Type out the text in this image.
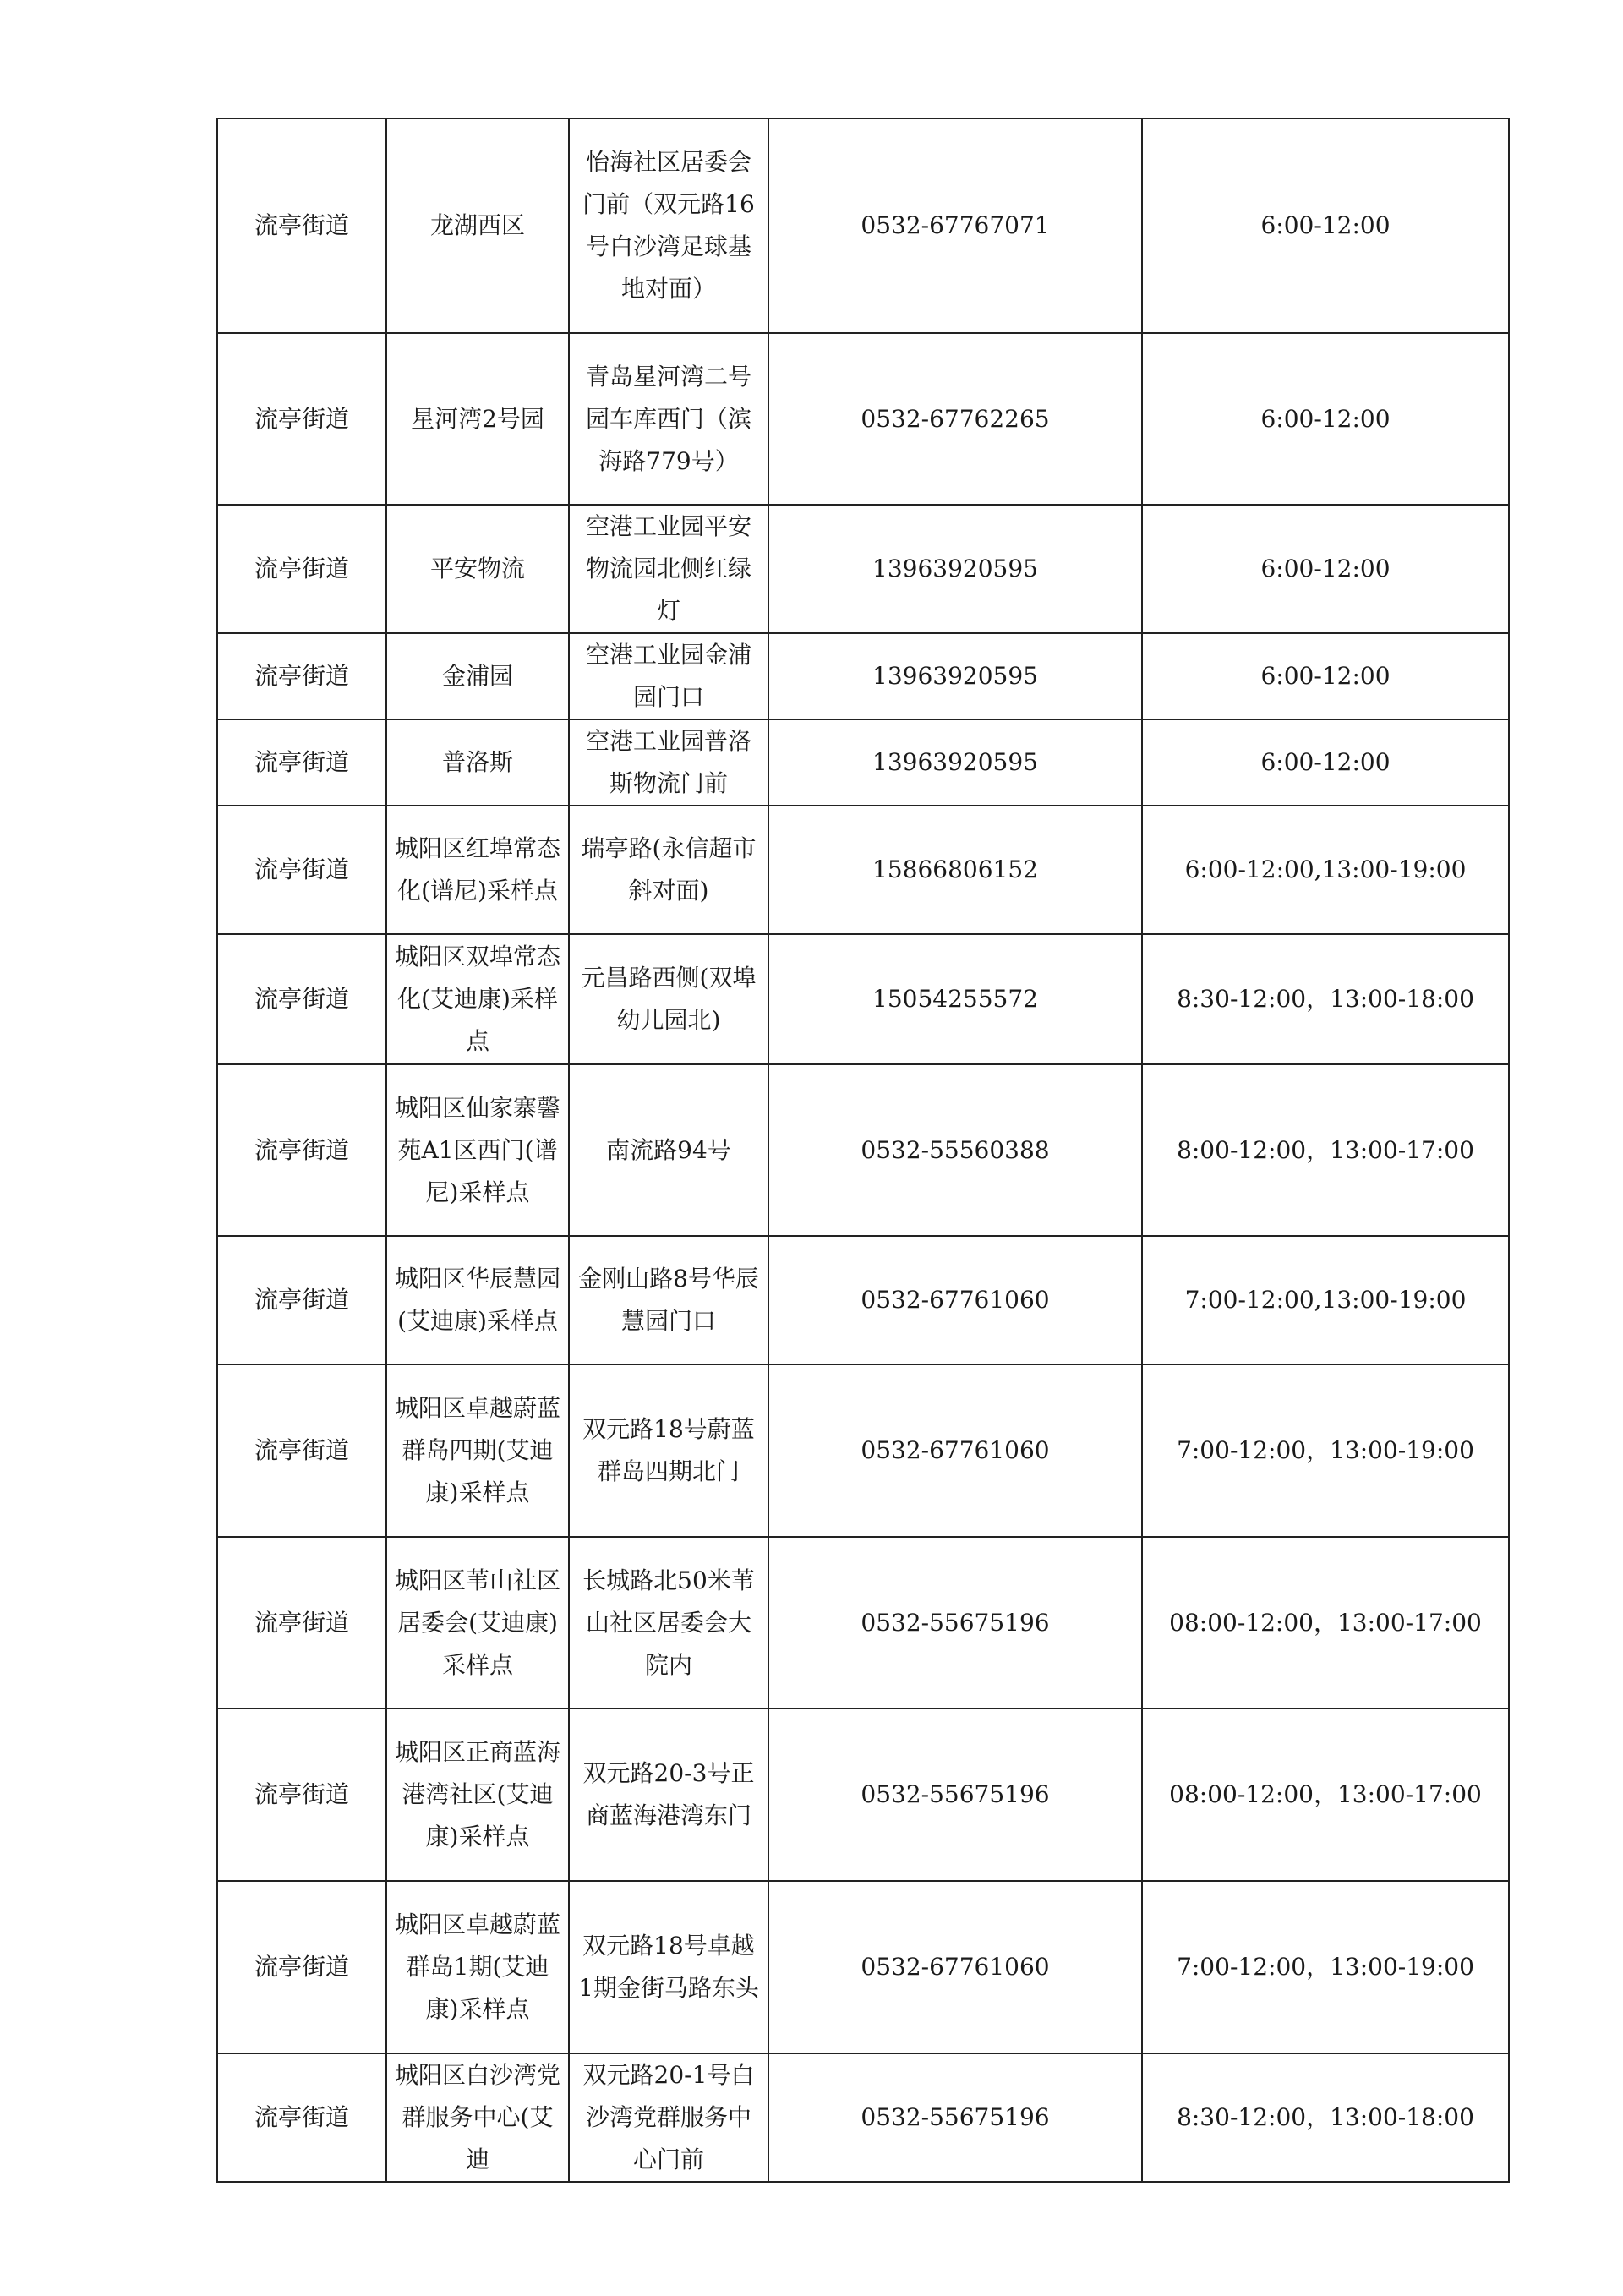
流亭街道	龙湖西区	怡海社区居委会门前（双元路16号白沙湾足球基地对面）	0532-67767071	6:00-12:00
流亭街道	星河湾2号园	青岛星河湾二号园车库西门（滨海路779号）	0532-67762265	6:00-12:00
流亭街道	平安物流	空港工业园平安物流园北侧红绿灯	13963920595	6:00-12:00
流亭街道	金浦园	空港工业园金浦园门口	13963920595	6:00-12:00
流亭街道	普洛斯	空港工业园普洛斯物流门前	13963920595	6:00-12:00
流亭街道	城阳区红埠常态化(谱尼)采样点	瑞亭路(永信超市斜对面)	15866806152	6:00-12:00,13:00-19:00
流亭街道	城阳区双埠常态化(艾迪康)采样点	元昌路西侧(双埠幼儿园北)	15054255572	8:30-12:00，13:00-18:00
流亭街道	城阳区仙家寨馨苑A1区西门(谱尼)采样点	南流路94号	0532-55560388	8:00-12:00，13:00-17:00
流亭街道	城阳区华辰慧园(艾迪康)采样点	金刚山路8号华辰慧园门口	0532-67761060	7:00-12:00,13:00-19:00
流亭街道	城阳区卓越蔚蓝群岛四期(艾迪康)采样点	双元路18号蔚蓝群岛四期北门	0532-67761060	7:00-12:00，13:00-19:00
流亭街道	城阳区苇山社区居委会(艾迪康)采样点	长城路北50米苇山社区居委会大院内	0532-55675196	08:00-12:00，13:00-17:00
流亭街道	城阳区正商蓝海港湾社区(艾迪康)采样点	双元路20-3号正商蓝海港湾东门	0532-55675196	08:00-12:00，13:00-17:00
流亭街道	城阳区卓越蔚蓝群岛1期(艾迪康)采样点	双元路18号卓越1期金街马路东头	0532-67761060	7:00-12:00，13:00-19:00
流亭街道	城阳区白沙湾党群服务中心(艾迪	双元路20-1号白沙湾党群服务中心门前	0532-55675196	8:30-12:00，13:00-18:00
